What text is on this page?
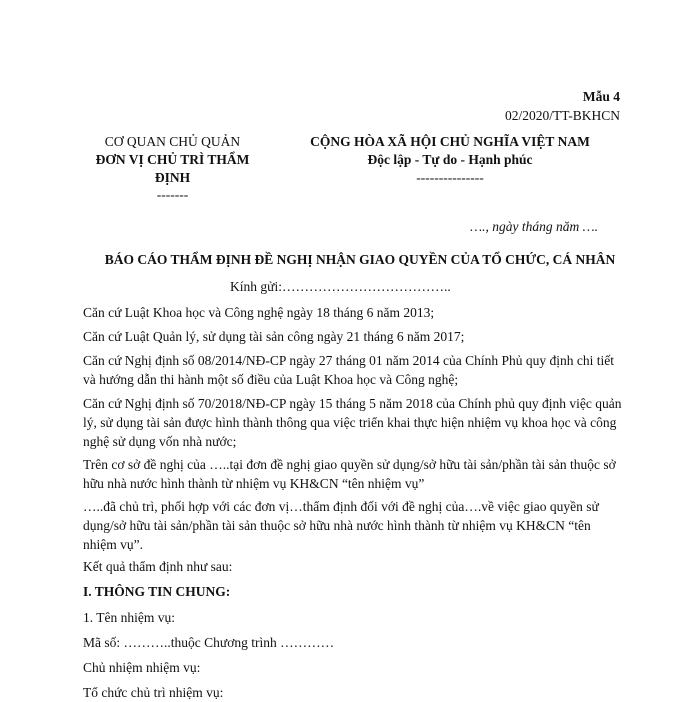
Mẫu 4
02/2020/TT-BKHCN
CƠ QUAN CHỦ QUẢN
ĐƠN VỊ CHỦ TRÌ THẨM
ĐỊNH
-------
CỘNG HÒA XÃ HỘI CHỦ NGHĨA VIỆT NAM
Độc lập - Tự do - Hạnh phúc
---------------
…., ngày tháng năm ….
BÁO CÁO THẨM ĐỊNH ĐỀ NGHỊ NHẬN GIAO QUYỀN CỦA TỔ CHỨC, CÁ NHÂN
Kính gửi:………………………………..
Căn cứ Luật Khoa học và Công nghệ ngày 18 tháng 6 năm 2013;
Căn cứ Luật Quản lý, sử dụng tài sản công ngày 21 tháng 6 năm 2017;
Căn cứ Nghị định số 08/2014/NĐ-CP ngày 27 tháng 01 năm 2014 của Chính Phủ quy định chi tiết và hướng dẫn thi hành một số điều của Luật Khoa học và Công nghệ;
Căn cứ Nghị định số 70/2018/NĐ-CP ngày 15 tháng 5 năm 2018 của Chính phủ quy định việc quản lý, sử dụng tài sản được hình thành thông qua việc triển khai thực hiện nhiệm vụ khoa học và công nghệ sử dụng vốn nhà nước;
Trên cơ sở đề nghị của …..tại đơn đề nghị giao quyền sử dụng/sở hữu tài sản/phần tài sản thuộc sở hữu nhà nước hình thành từ nhiệm vụ KH&CN “tên nhiệm vụ”
…..đã chủ trì, phối hợp với các đơn vị…thẩm định đối với đề nghị của….về việc giao quyền sử dụng/sở hữu tài sản/phần tài sản thuộc sở hữu nhà nước hình thành từ nhiệm vụ KH&CN “tên nhiệm vụ”.
Kết quả thẩm định như sau:
I. THÔNG TIN CHUNG:
1. Tên nhiệm vụ:
Mã số: ………..thuộc Chương trình …………
Chủ nhiệm nhiệm vụ:
Tổ chức chủ trì nhiệm vụ:
